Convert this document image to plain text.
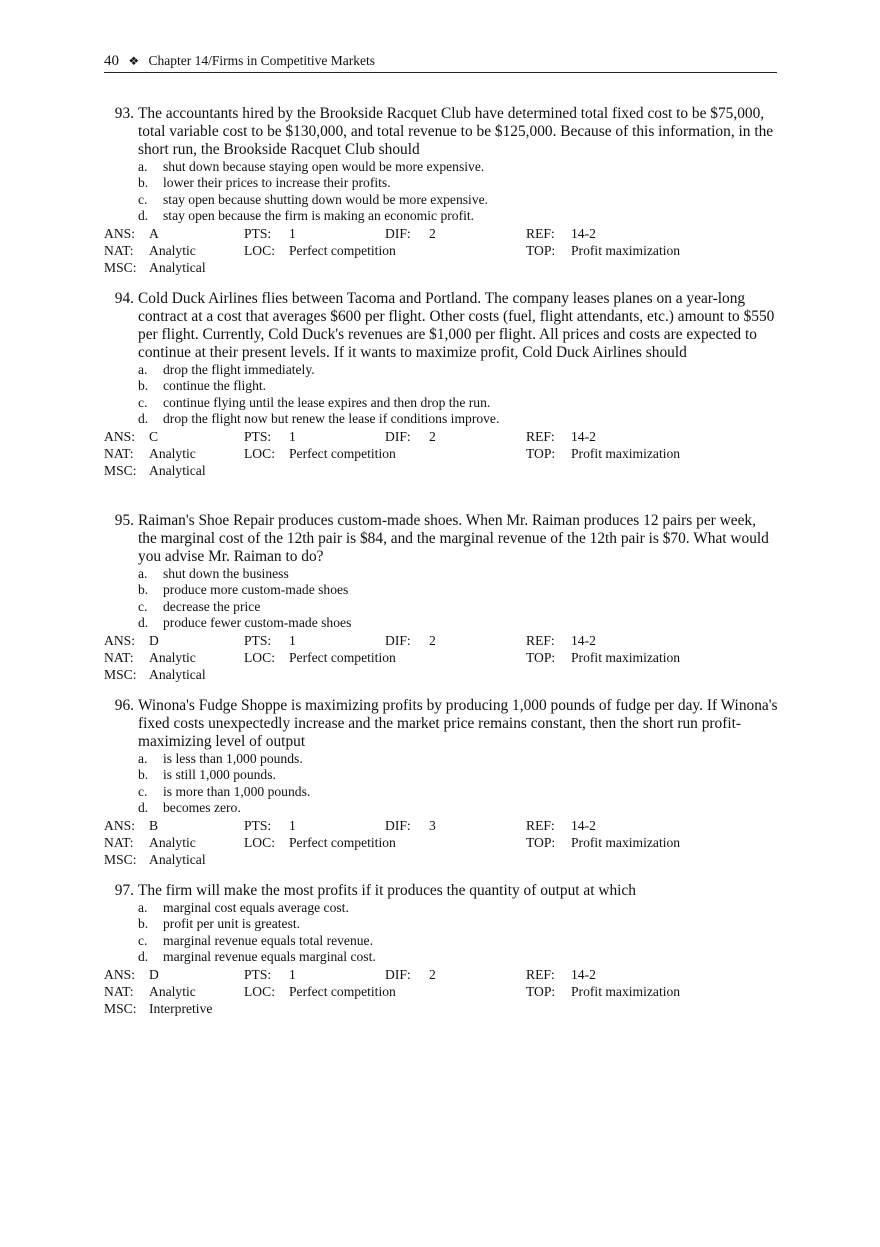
40 ❖ Chapter 14/Firms in Competitive Markets
93. The accountants hired by the Brookside Racquet Club have determined total fixed cost to be $75,000, total variable cost to be $130,000, and total revenue to be $125,000. Because of this information, in the short run, the Brookside Racquet Club should
a. shut down because staying open would be more expensive.
b. lower their prices to increase their profits.
c. stay open because shutting down would be more expensive.
d. stay open because the firm is making an economic profit.
ANS: A	PTS: 1	DIF: 2	REF: 14-2
NAT: Analytic	LOC: Perfect competition	TOP: Profit maximization
MSC: Analytical
94. Cold Duck Airlines flies between Tacoma and Portland. The company leases planes on a year-long contract at a cost that averages $600 per flight. Other costs (fuel, flight attendants, etc.) amount to $550 per flight. Currently, Cold Duck's revenues are $1,000 per flight. All prices and costs are expected to continue at their present levels. If it wants to maximize profit, Cold Duck Airlines should
a. drop the flight immediately.
b. continue the flight.
c. continue flying until the lease expires and then drop the run.
d. drop the flight now but renew the lease if conditions improve.
ANS: C	PTS: 1	DIF: 2	REF: 14-2
NAT: Analytic	LOC: Perfect competition	TOP: Profit maximization
MSC: Analytical
95. Raiman's Shoe Repair produces custom-made shoes. When Mr. Raiman produces 12 pairs per week, the marginal cost of the 12th pair is $84, and the marginal revenue of the 12th pair is $70. What would you advise Mr. Raiman to do?
a. shut down the business
b. produce more custom-made shoes
c. decrease the price
d. produce fewer custom-made shoes
ANS: D	PTS: 1	DIF: 2	REF: 14-2
NAT: Analytic	LOC: Perfect competition	TOP: Profit maximization
MSC: Analytical
96. Winona's Fudge Shoppe is maximizing profits by producing 1,000 pounds of fudge per day. If Winona's fixed costs unexpectedly increase and the market price remains constant, then the short run profit-maximizing level of output
a. is less than 1,000 pounds.
b. is still 1,000 pounds.
c. is more than 1,000 pounds.
d. becomes zero.
ANS: B	PTS: 1	DIF: 3	REF: 14-2
NAT: Analytic	LOC: Perfect competition	TOP: Profit maximization
MSC: Analytical
97. The firm will make the most profits if it produces the quantity of output at which
a. marginal cost equals average cost.
b. profit per unit is greatest.
c. marginal revenue equals total revenue.
d. marginal revenue equals marginal cost.
ANS: D	PTS: 1	DIF: 2	REF: 14-2
NAT: Analytic	LOC: Perfect competition	TOP: Profit maximization
MSC: Interpretive
